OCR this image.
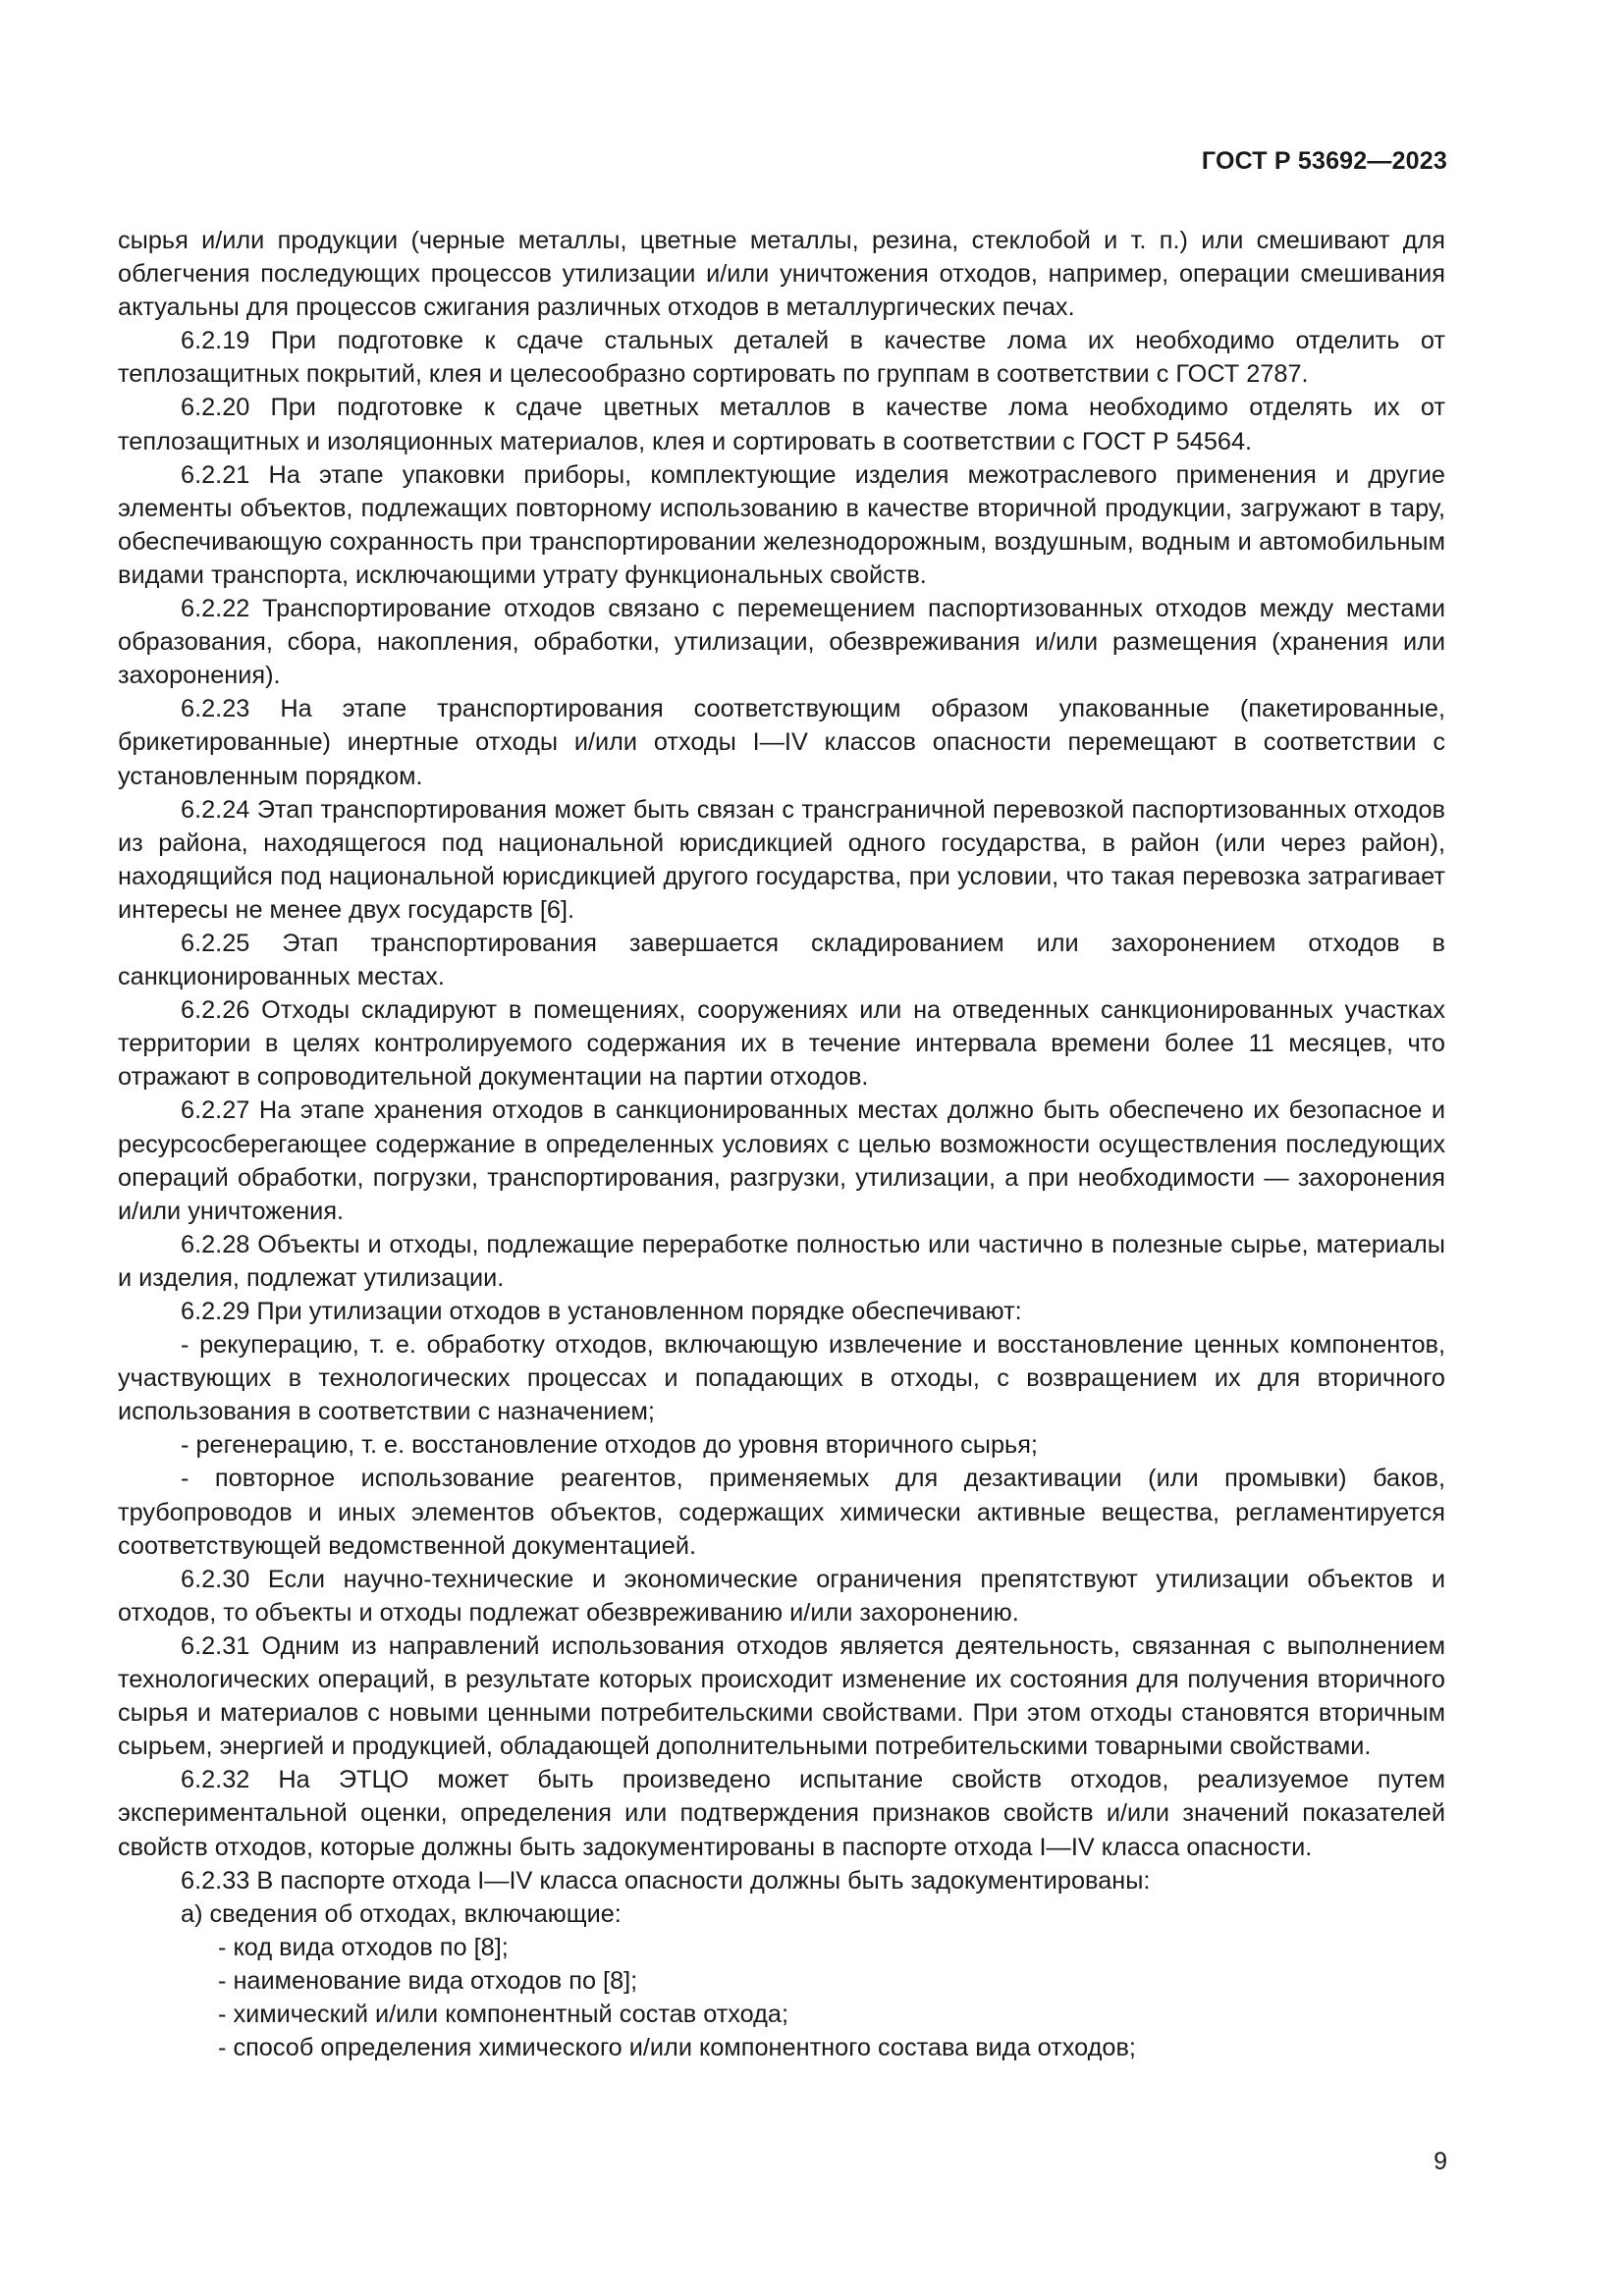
ГОСТ Р 53692—2023

сырья и/или продукции (черные металлы, цветные металлы, резина, стеклобой и т. п.) или смешивают для облегчения последующих процессов утилизации и/или уничтожения отходов, например, операции смешивания актуальны для процессов сжигания различных отходов в металлургических печах.

6.2.19 При подготовке к сдаче стальных деталей в качестве лома их необходимо отделить от теплозащитных покрытий, клея и целесообразно сортировать по группам в соответствии с ГОСТ 2787.

6.2.20 При подготовке к сдаче цветных металлов в качестве лома необходимо отделять их от теплозащитных и изоляционных материалов, клея и сортировать в соответствии с ГОСТ Р 54564.

6.2.21 На этапе упаковки приборы, комплектующие изделия межотраслевого применения и другие элементы объектов, подлежащих повторному использованию в качестве вторичной продукции, загружают в тару, обеспечивающую сохранность при транспортировании железнодорожным, воздушным, водным и автомобильным видами транспорта, исключающими утрату функциональных свойств.

6.2.22 Транспортирование отходов связано с перемещением паспортизованных отходов между местами образования, сбора, накопления, обработки, утилизации, обезвреживания и/или размещения (хранения или захоронения).

6.2.23 На этапе транспортирования соответствующим образом упакованные (пакетированные, брикетированные) инертные отходы и/или отходы I—IV классов опасности перемещают в соответствии с установленным порядком.

6.2.24 Этап транспортирования может быть связан с трансграничной перевозкой паспортизованных отходов из района, находящегося под национальной юрисдикцией одного государства, в район (или через район), находящийся под национальной юрисдикцией другого государства, при условии, что такая перевозка затрагивает интересы не менее двух государств [6].

6.2.25 Этап транспортирования завершается складированием или захоронением отходов в санкционированных местах.

6.2.26 Отходы складируют в помещениях, сооружениях или на отведенных санкционированных участках территории в целях контролируемого содержания их в течение интервала времени более 11 месяцев, что отражают в сопроводительной документации на партии отходов.

6.2.27 На этапе хранения отходов в санкционированных местах должно быть обеспечено их безопасное и ресурсосберегающее содержание в определенных условиях с целью возможности осуществления последующих операций обработки, погрузки, транспортирования, разгрузки, утилизации, а при необходимости — захоронения и/или уничтожения.

6.2.28 Объекты и отходы, подлежащие переработке полностью или частично в полезные сырье, материалы и изделия, подлежат утилизации.

6.2.29 При утилизации отходов в установленном порядке обеспечивают:

- рекуперацию, т. е. обработку отходов, включающую извлечение и восстановление ценных компонентов, участвующих в технологических процессах и попадающих в отходы, с возвращением их для вторичного использования в соответствии с назначением;

- регенерацию, т. е. восстановление отходов до уровня вторичного сырья;

- повторное использование реагентов, применяемых для дезактивации (или промывки) баков, трубопроводов и иных элементов объектов, содержащих химически активные вещества, регламентируется соответствующей ведомственной документацией.

6.2.30 Если научно-технические и экономические ограничения препятствуют утилизации объектов и отходов, то объекты и отходы подлежат обезвреживанию и/или захоронению.

6.2.31 Одним из направлений использования отходов является деятельность, связанная с выполнением технологических операций, в результате которых происходит изменение их состояния для получения вторичного сырья и материалов с новыми ценными потребительскими свойствами. При этом отходы становятся вторичным сырьем, энергией и продукцией, обладающей дополнительными потребительскими товарными свойствами.

6.2.32 На ЭТЦО может быть произведено испытание свойств отходов, реализуемое путем экспериментальной оценки, определения или подтверждения признаков свойств и/или значений показателей свойств отходов, которые должны быть задокументированы в паспорте отхода I—IV класса опасности.

6.2.33 В паспорте отхода I—IV класса опасности должны быть задокументированы:

а) сведения об отходах, включающие:

- код вида отходов по [8];

- наименование вида отходов по [8];

- химический и/или компонентный состав отхода;

- способ определения химического и/или компонентного состава вида отходов;

9
